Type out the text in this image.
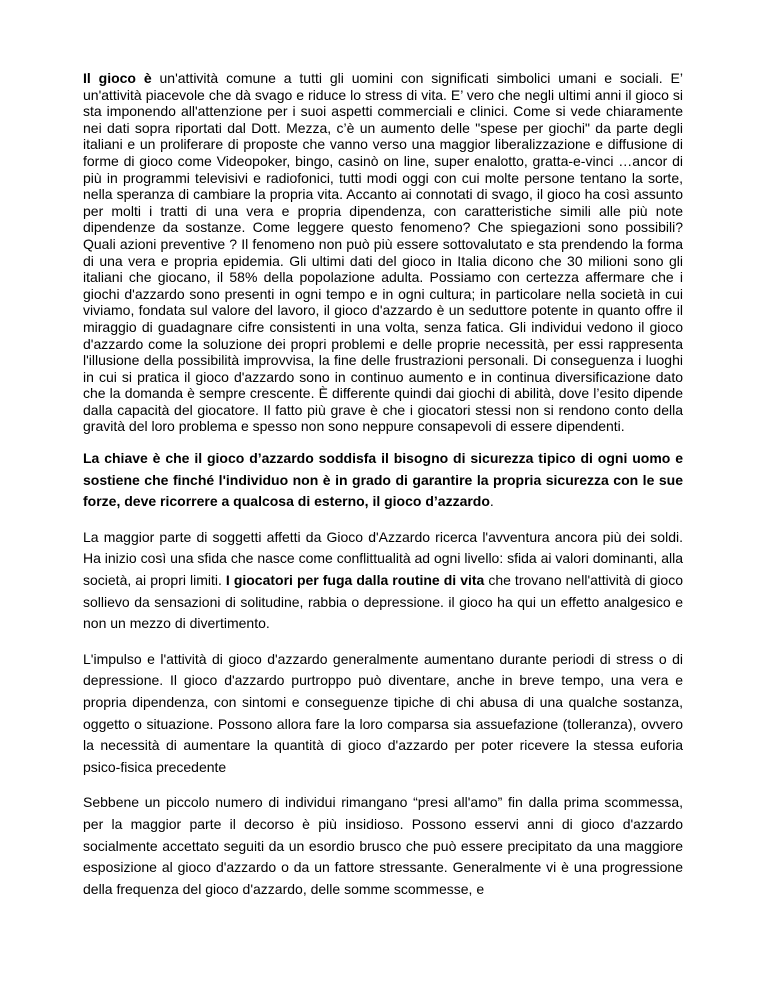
Il gioco è un'attività comune a tutti gli uomini con significati simbolici umani e sociali. E’ un'attività piacevole che dà svago e riduce lo stress di vita. E’ vero che negli ultimi anni il gioco si sta imponendo all'attenzione per i suoi aspetti commerciali e clinici. Come si vede chiaramente nei dati sopra riportati dal Dott. Mezza, c’è un aumento delle "spese per giochi" da parte degli italiani e un proliferare di proposte che vanno verso una maggior liberalizzazione e diffusione di forme di gioco come Videopoker, bingo, casinò on line, super enalotto, gratta-e-vinci …ancor di più in programmi televisivi e radiofonici, tutti modi oggi con cui molte persone tentano la sorte, nella speranza di cambiare la propria vita. Accanto ai connotati di svago, il gioco ha così assunto per molti i tratti di una vera e propria dipendenza, con caratteristiche simili alle più note dipendenze da sostanze. Come leggere questo fenomeno? Che spiegazioni sono possibili? Quali azioni preventive ? Il fenomeno non può più essere sottovalutato e sta prendendo la forma di una vera e propria epidemia. Gli ultimi dati del gioco in Italia dicono che 30 milioni sono gli italiani che giocano, il 58% della popolazione adulta. Possiamo con certezza affermare che i giochi d'azzardo sono presenti in ogni tempo e in ogni cultura; in particolare nella società in cui viviamo, fondata sul valore del lavoro, il gioco d'azzardo è un seduttore potente in quanto offre il miraggio di guadagnare cifre consistenti in una volta, senza fatica. Gli individui vedono il gioco d'azzardo come la soluzione dei propri problemi e delle proprie necessità, per essi rappresenta l'illusione della possibilità improvvisa, la fine delle frustrazioni personali. Di conseguenza i luoghi in cui si pratica il gioco d'azzardo sono in continuo aumento e in continua diversificazione dato che la domanda è sempre crescente. È differente quindi dai giochi di abilità, dove l’esito dipende dalla capacità del giocatore. Il fatto più grave è che i giocatori stessi non si rendono conto della gravità del loro problema e spesso non sono neppure consapevoli di essere dipendenti.

La chiave è che il gioco d’azzardo soddisfa il bisogno di sicurezza tipico di ogni uomo e sostiene che finché l'individuo non è in grado di garantire la propria sicurezza con le sue forze, deve ricorrere a qualcosa di esterno, il gioco d’azzardo.

La maggior parte di soggetti affetti da Gioco d'Azzardo ricerca l'avventura ancora più dei soldi. Ha inizio così una sfida che nasce come conflittualità ad ogni livello: sfida ai valori dominanti, alla società, ai propri limiti. I giocatori per fuga dalla routine di vita che trovano nell'attività di gioco sollievo da sensazioni di solitudine, rabbia o depressione. il gioco ha qui un effetto analgesico e non un mezzo di divertimento.

L'impulso e l'attività di gioco d'azzardo generalmente aumentano durante periodi di stress o di depressione. Il gioco d'azzardo purtroppo può diventare, anche in breve tempo, una vera e propria dipendenza, con sintomi e conseguenze tipiche di chi abusa di una qualche sostanza, oggetto o situazione. Possono allora fare la loro comparsa sia assuefazione (tolleranza), ovvero la necessità di aumentare la quantità di gioco d'azzardo per poter ricevere la stessa euforia psico-fisica precedente

Sebbene un piccolo numero di individui rimangano “presi all'amo” fin dalla prima scommessa, per la maggior parte il decorso è più insidioso. Possono esservi anni di gioco d'azzardo socialmente accettato seguiti da un esordio brusco che può essere precipitato da una maggiore esposizione al gioco d'azzardo o da un fattore stressante. Generalmente vi è una progressione della frequenza del gioco d'azzardo, delle somme scommesse, e
